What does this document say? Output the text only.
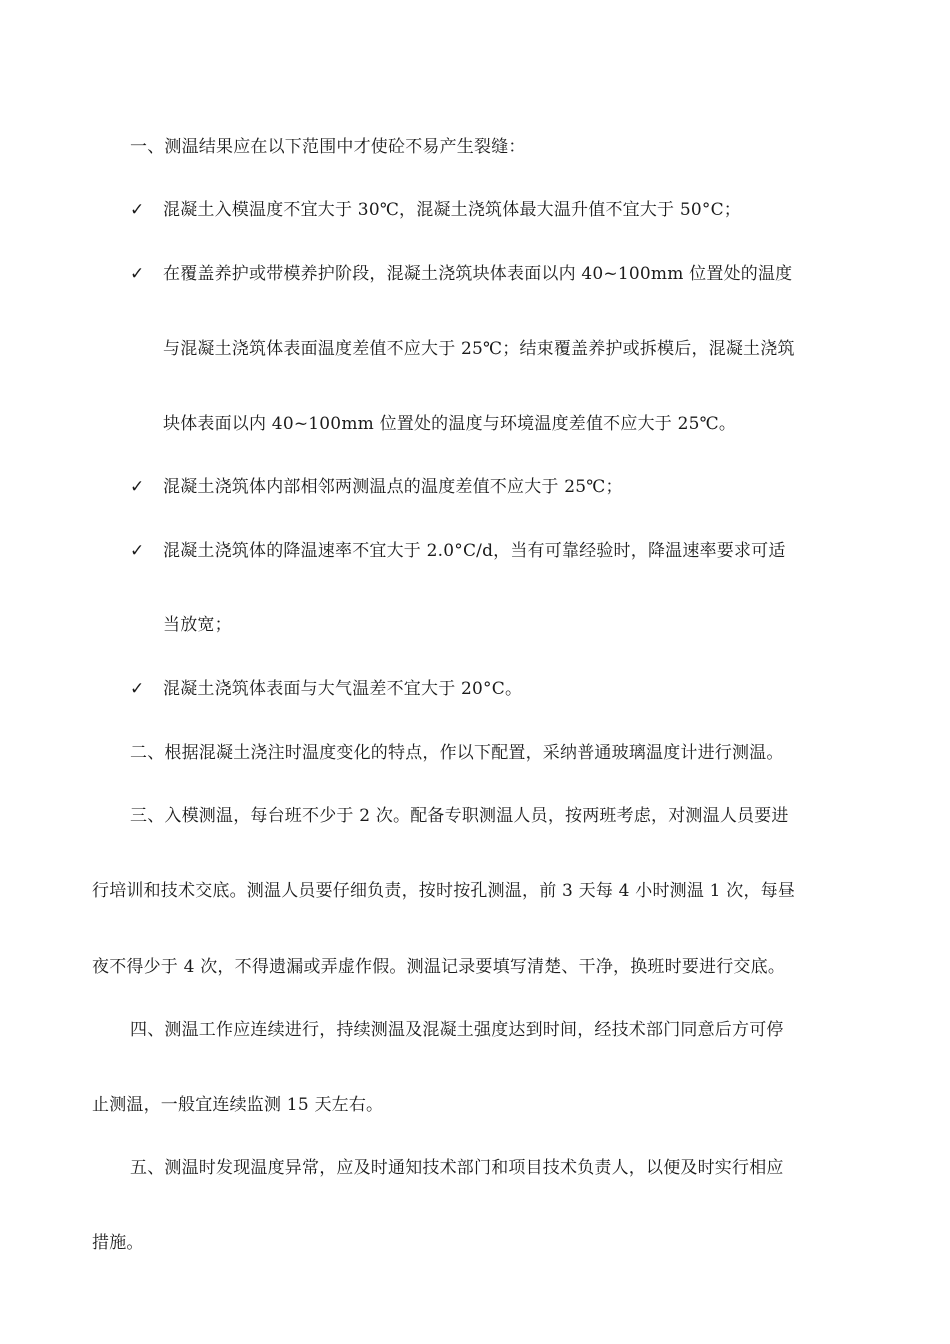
一、测温结果应在以下范围中才使砼不易产生裂缝：
✓ 混凝土入模温度不宜大于 30℃，混凝土浇筑体最大温升值不宜大于 50°C；
✓ 在覆盖养护或带模养护阶段，混凝土浇筑块体表面以内 40~100mm 位置处的温度
与混凝土浇筑体表面温度差值不应大于 25℃；结束覆盖养护或拆模后，混凝土浇筑
块体表面以内 40~100mm 位置处的温度与环境温度差值不应大于 25℃。
✓ 混凝土浇筑体内部相邻两测温点的温度差值不应大于 25℃；
✓ 混凝土浇筑体的降温速率不宜大于 2.0°C/d，当有可靠经验时，降温速率要求可适
当放宽；
✓ 混凝土浇筑体表面与大气温差不宜大于 20°C。
二、根据混凝土浇注时温度变化的特点，作以下配置，采纳普通玻璃温度计进行测温。
三、入模测温，每台班不少于 2 次。配备专职测温人员，按两班考虑，对测温人员要进
行培训和技术交底。测温人员要仔细负责，按时按孔测温，前 3 天每 4 小时测温 1 次，每昼
夜不得少于 4 次，不得遗漏或弄虚作假。测温记录要填写清楚、干净，换班时要进行交底。
四、测温工作应连续进行，持续测温及混凝土强度达到时间，经技术部门同意后方可停
止测温，一般宜连续监测 15 天左右。
五、测温时发现温度异常，应及时通知技术部门和项目技术负责人，以便及时实行相应
措施。
